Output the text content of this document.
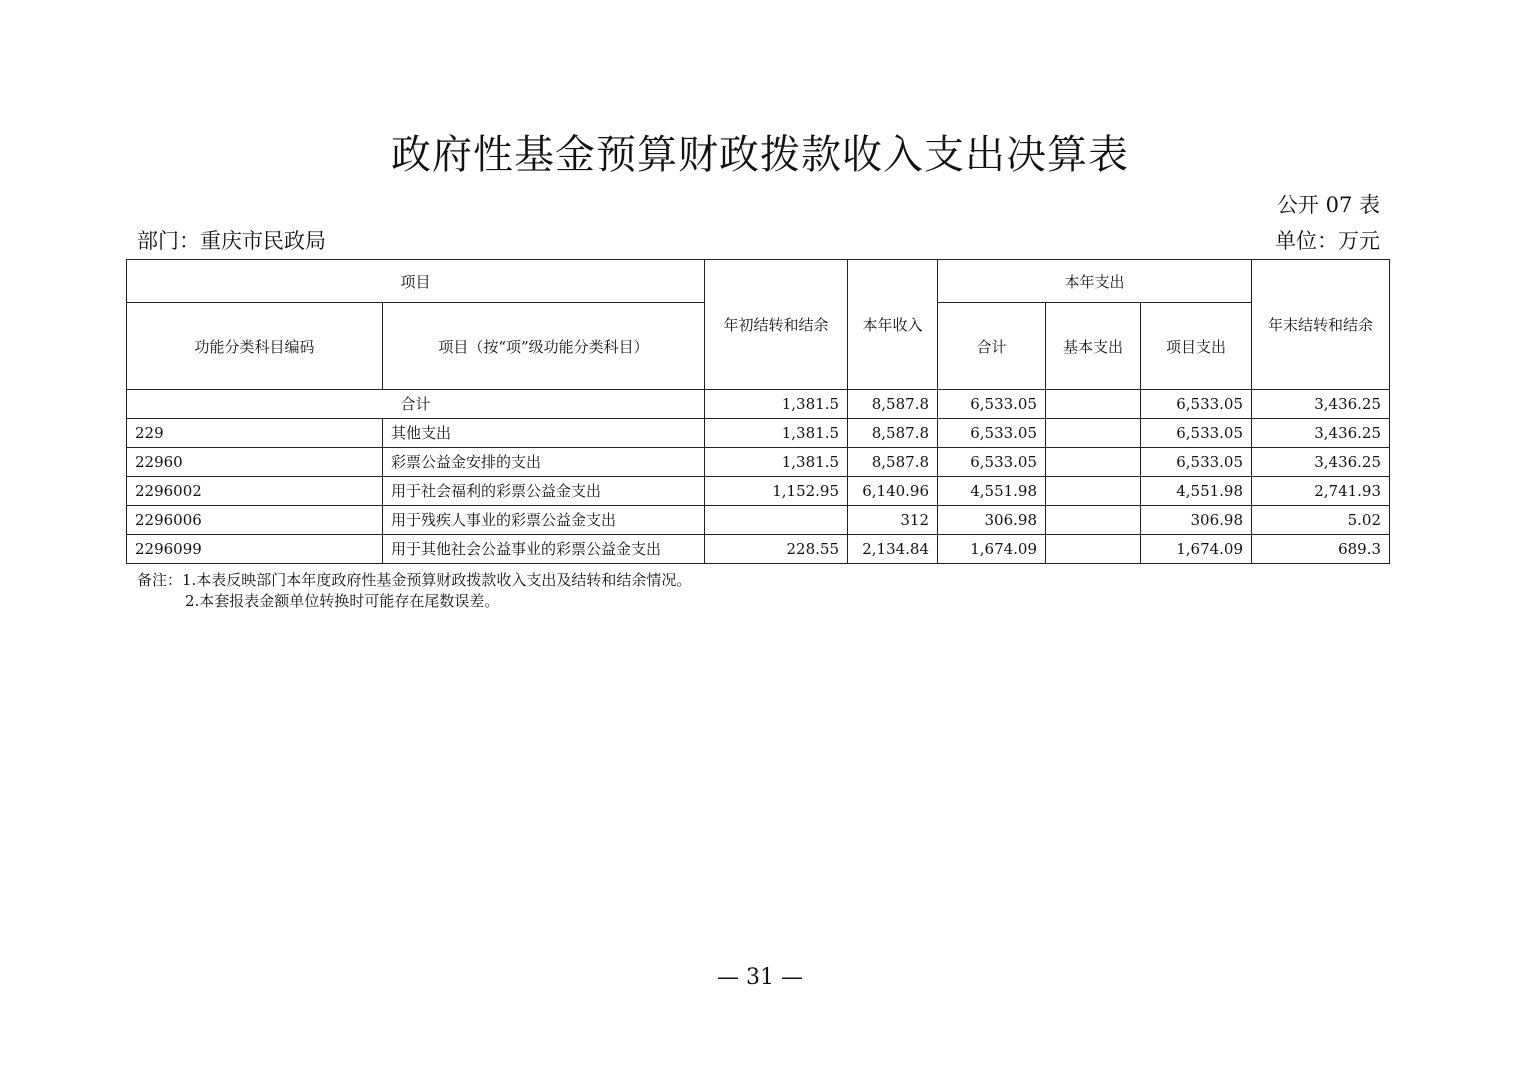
政府性基金预算财政拨款收入支出决算表
公开 07 表
部门：重庆市民政局	单位：万元
项目		年初结转和结余	本年收入	本年支出			年末结转和结余
功能分类科目编码	项目（按“项”级功能分类科目）			合计	基本支出	项目支出	
合计		1,381.5	8,587.8	6,533.05		6,533.05	3,436.25
229	其他支出	1,381.5	8,587.8	6,533.05		6,533.05	3,436.25
22960	彩票公益金安排的支出	1,381.5	8,587.8	6,533.05		6,533.05	3,436.25
2296002	用于社会福利的彩票公益金支出	1,152.95	6,140.96	4,551.98		4,551.98	2,741.93
2296006	用于残疾人事业的彩票公益金支出		312	306.98		306.98	5.02
2296099	用于其他社会公益事业的彩票公益金支出	228.55	2,134.84	1,674.09		1,674.09	689.3
备注：1.本表反映部门本年度政府性基金预算财政拨款收入支出及结转和结余情况。
2.本套报表金额单位转换时可能存在尾数误差。
— 31 —
